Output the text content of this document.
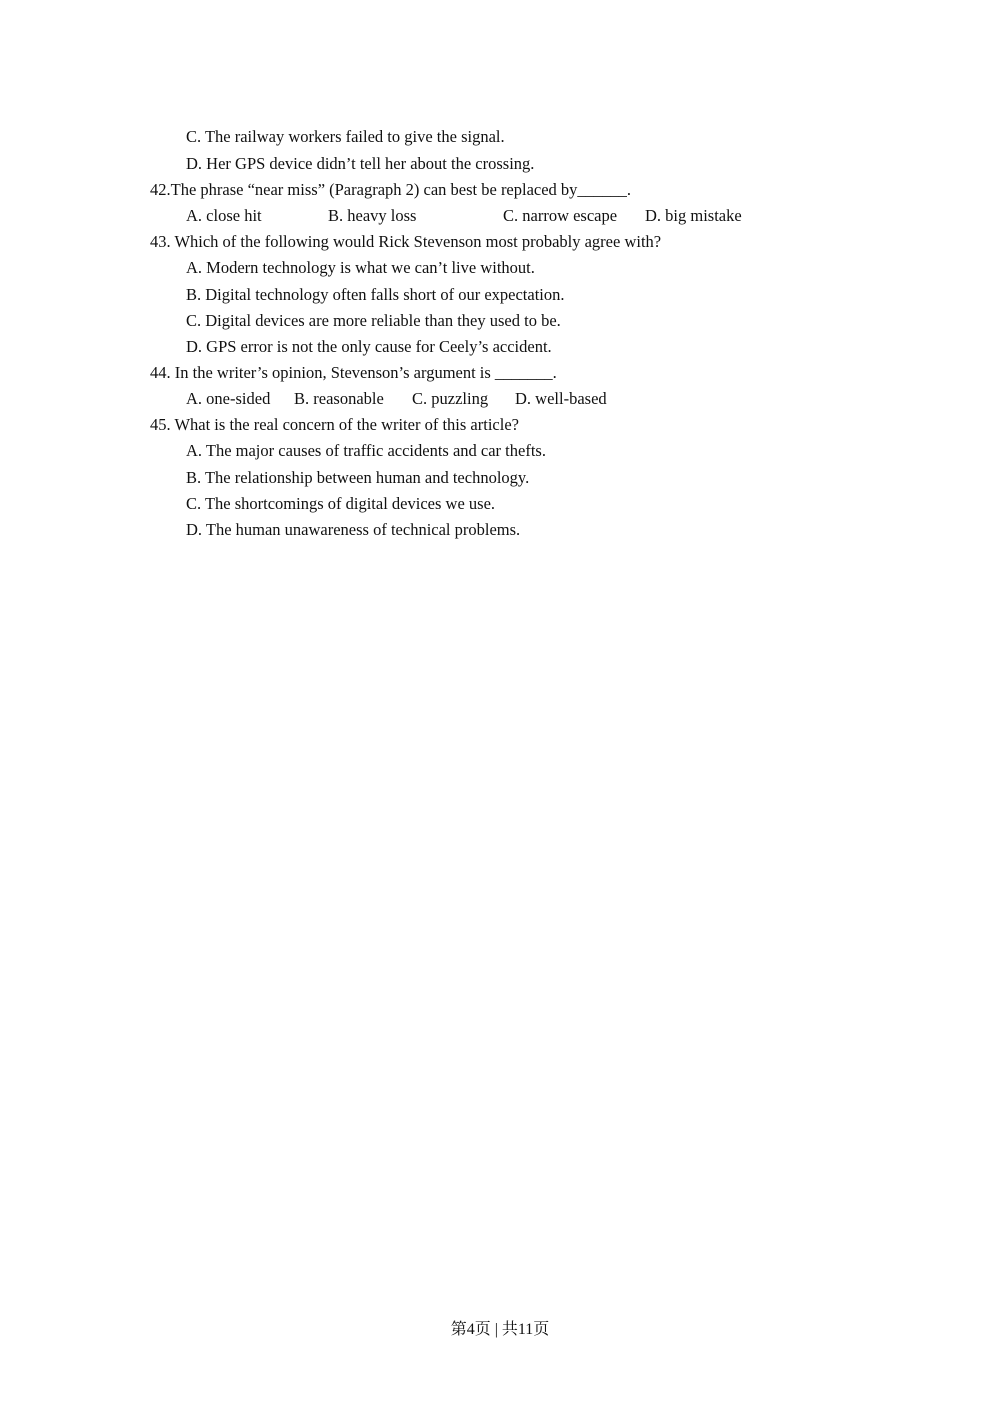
C. The railway workers failed to give the signal.
D. Her GPS device didn’t tell her about the crossing.
42.The phrase “near miss” (Paragraph 2) can best be replaced by______.
A. close hit	B. heavy loss	C. narrow escape D. big mistake
43. Which of the following would Rick Stevenson most probably agree with?
A. Modern technology is what we can’t live without.
B. Digital technology often falls short of our expectation.
C. Digital devices are more reliable than they used to be.
D. GPS error is not the only cause for Ceely’s accident.
44. In the writer’s opinion, Stevenson’s argument is _______.
A. one-sided B. reasonable C. puzzling D. well-based
45. What is the real concern of the writer of this article?
A. The major causes of traffic accidents and car thefts.
B. The relationship between human and technology.
C. The shortcomings of digital devices we use.
D. The human unawareness of technical problems.
第4页 | 共11页
